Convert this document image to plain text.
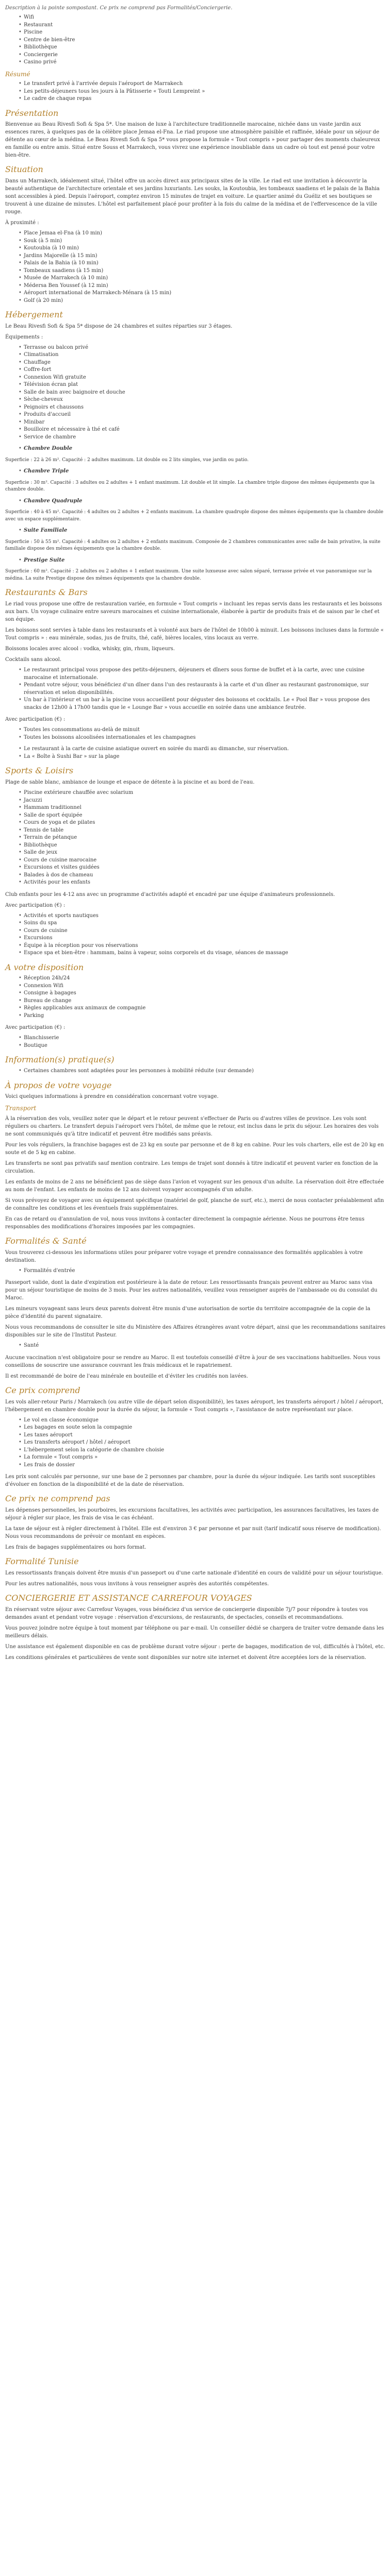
Description à la pointe sompostant. Ce prix ne comprend pas Formalités/Conciergerie.

• Wifi
• Restaurant
• Piscine
• Centre de bien-être
• Bibliothèque
• Conciergerie
• Casino privé
Résumé
• Le transfert privé à l'arrivée depuis l'aéroport de Marrakech
• Les petits-déjeuners tous les jours à la Pâtisserie « Touti Lempreint »
• Le cadre de chaque repas
Présentation

Bienvenue au Beau Rivesfi Sofi & Spa 5*. Une maison de luxe à l'architecture traditionnelle marocaine, nichée dans un vaste jardin aux essences rares, à quelques pas de la célèbre place Jemaa el-Fna. Le riad propose une atmosphère paisible et raffinée, idéale pour un séjour de détente au cœur de la médina. Le Beau Rivesfi Sofi & Spa 5* vous propose la formule « Tout compris » pour partager des moments chaleureux en famille ou entre amis. Situé entre Souss et Marrakech, vous vivrez une expérience inoubliable dans un cadre où tout est pensé pour votre bien-être.

Situation

Dans un Marrakech, idéalement situé, l'hôtel offre un accès direct aux principaux sites de la ville. Le riad est une invitation à découvrir la beauté authentique de l'architecture orientale et ses jardins luxuriants. Les souks, la Koutoubia, les tombeaux saadiens et le palais de la Bahia sont accessibles à pied. Depuis l'aéroport, comptez environ 15 minutes de trajet en voiture. Le quartier animé du Guéliz et ses boutiques se trouvent à une dizaine de minutes. L'hôtel est parfaitement placé pour profiter à la fois du calme de la médina et de l'effervescence de la ville rouge.

À proximité :

• Place Jemaa el-Fna (à 10 min)
• Souk (à 5 min)
• Koutoubia (à 10 min)
• Jardins Majorelle (à 15 min)
• Palais de la Bahia (à 10 min)
• Tombeaux saadiens (à 15 min)
• Musée de Marrakech (à 10 min)
• Médersa Ben Youssef (à 12 min)
• Aéroport international de Marrakech-Ménara (à 15 min)
• Golf (à 20 min)
Hébergement

Le Beau Rivesfi Sofi & Spa 5* dispose de 24 chambres et suites réparties sur 3 étages.

Équipements :

• Terrasse ou balcon privé
• Climatisation
• Chauffage
• Coffre-fort
• Connexion Wifi gratuite
• Télévision écran plat
• Salle de bain avec baignoire et douche
• Sèche-cheveux
• Peignoirs et chaussons
• Produits d'accueil
• Minibar
• Bouilloire et nécessaire à thé et café
• Service de chambre
• Chambre Double

Superficie : 22 à 26 m². Capacité : 2 adultes maximum. Lit double ou 2 lits simples, vue jardin ou patio.

• Chambre Triple

Superficie : 30 m². Capacité : 3 adultes ou 2 adultes + 1 enfant maximum. Lit double et lit simple. La chambre triple dispose des mêmes équipements que la chambre double.

• Chambre Quadruple

Superficie : 40 à 45 m². Capacité : 4 adultes ou 2 adultes + 2 enfants maximum. La chambre quadruple dispose des mêmes équipements que la chambre double avec un espace supplémentaire.

• Suite Familiale

Superficie : 50 à 55 m². Capacité : 4 adultes ou 2 adultes + 2 enfants maximum. Composée de 2 chambres communicantes avec salle de bain privative, la suite familiale dispose des mêmes équipements que la chambre double.

• Prestige Suite

Superficie : 60 m². Capacité : 2 adultes ou 2 adultes + 1 enfant maximum. Une suite luxueuse avec salon séparé, terrasse privée et vue panoramique sur la médina. La suite Prestige dispose des mêmes équipements que la chambre double.

Restaurants & Bars

Le riad vous propose une offre de restauration variée, en formule « Tout compris » incluant les repas servis dans les restaurants et les boissons aux bars. Un voyage culinaire entre saveurs marocaines et cuisine internationale, élaborée à partir de produits frais et de saison par le chef et son équipe.

Les boissons sont servies à table dans les restaurants et à volonté aux bars de l'hôtel de 10h00 à minuit. Les boissons incluses dans la formule « Tout compris » : eau minérale, sodas, jus de fruits, thé, café, bières locales, vins locaux au verre.

Boissons locales avec alcool : vodka, whisky, gin, rhum, liqueurs.

Cocktails sans alcool.

• Le restaurant principal vous propose des petits-déjeuners, déjeuners et dîners sous forme de buffet et à la carte, avec une cuisine marocaine et internationale.
• Pendant votre séjour, vous bénéficiez d'un dîner dans l'un des restaurants à la carte et d'un dîner au restaurant gastronomique, sur réservation et selon disponibilités.
• Un bar à l'intérieur et un bar à la piscine vous accueillent pour déguster des boissons et cocktails. Le « Pool Bar » vous propose des snacks de 12h00 à 17h00 tandis que le « Lounge Bar » vous accueille en soirée dans une ambiance feutrée.

Avec participation (€) :

• Toutes les consommations au-delà de minuit
• Toutes les boissons alcoolisées internationales et les champagnes
• Le restaurant à la carte de cuisine asiatique ouvert en soirée du mardi au dimanche, sur réservation.
• La « Boîte à Sushi Bar » sur la plage
Sports & Loisirs

Plage de sable blanc, ambiance de lounge et espace de détente à la piscine et au bord de l'eau.

• Piscine extérieure chauffée avec solarium
• Jacuzzi
• Hammam traditionnel
• Salle de sport équipée
• Cours de yoga et de pilates
• Tennis de table
• Terrain de pétanque
• Bibliothèque
• Salle de jeux
• Cours de cuisine marocaine
• Excursions et visites guidées
• Balades à dos de chameau
• Activités pour les enfants

Club enfants pour les 4-12 ans avec un programme d'activités adapté et encadré par une équipe d'animateurs professionnels.

Avec participation (€) :

• Activités et sports nautiques
• Soins du spa
• Cours de cuisine
• Excursions
• Équipe à la réception pour vos réservations
• Espace spa et bien-être : hammam, bains à vapeur, soins corporels et du visage, séances de massage
A votre disposition
• Réception 24h/24
• Connexion Wifi
• Consigne à bagages
• Bureau de change
• Règles applicables aux animaux de compagnie
• Parking

Avec participation (€) :

• Blanchisserie
• Boutique
Information(s) pratique(s)
• Certaines chambres sont adaptées pour les personnes à mobilité réduite (sur demande)
À propos de votre voyage

Voici quelques informations à prendre en considération concernant votre voyage.

Transport

À la réservation des vols, veuillez noter que le départ et le retour peuvent s'effectuer de Paris ou d'autres villes de province. Les vols sont réguliers ou charters. Le transfert depuis l'aéroport vers l'hôtel, de même que le retour, est inclus dans le prix du séjour. Les horaires des vols ne sont communiqués qu'à titre indicatif et peuvent être modifiés sans préavis.

Pour les vols réguliers, la franchise bagages est de 23 kg en soute par personne et de 8 kg en cabine. Pour les vols charters, elle est de 20 kg en soute et de 5 kg en cabine.

Les transferts ne sont pas privatifs sauf mention contraire. Les temps de trajet sont donnés à titre indicatif et peuvent varier en fonction de la circulation.

Les enfants de moins de 2 ans ne bénéficient pas de siège dans l'avion et voyagent sur les genoux d'un adulte. La réservation doit être effectuée au nom de l'enfant. Les enfants de moins de 12 ans doivent voyager accompagnés d'un adulte.

Si vous prévoyez de voyager avec un équipement spécifique (matériel de golf, planche de surf, etc.), merci de nous contacter préalablement afin de connaître les conditions et les éventuels frais supplémentaires.

En cas de retard ou d'annulation de vol, nous vous invitons à contacter directement la compagnie aérienne. Nous ne pourrons être tenus responsables des modifications d'horaires imposées par les compagnies.

Formalités & Santé

Vous trouverez ci-dessous les informations utiles pour préparer votre voyage et prendre connaissance des formalités applicables à votre destination.

• Formalités d'entrée

Passeport valide, dont la date d'expiration est postérieure à la date de retour. Les ressortissants français peuvent entrer au Maroc sans visa pour un séjour touristique de moins de 3 mois. Pour les autres nationalités, veuillez vous renseigner auprès de l'ambassade ou du consulat du Maroc.

Les mineurs voyageant sans leurs deux parents doivent être munis d'une autorisation de sortie du territoire accompagnée de la copie de la pièce d'identité du parent signataire.

Nous vous recommandons de consulter le site du Ministère des Affaires étrangères avant votre départ, ainsi que les recommandations sanitaires disponibles sur le site de l'Institut Pasteur.

• Santé

Aucune vaccination n'est obligatoire pour se rendre au Maroc. Il est toutefois conseillé d'être à jour de ses vaccinations habituelles. Nous vous conseillons de souscrire une assurance couvrant les frais médicaux et le rapatriement.

Il est recommandé de boire de l'eau minérale en bouteille et d'éviter les crudités non lavées.

Ce prix comprend

Les vols aller-retour Paris / Marrakech (ou autre ville de départ selon disponibilité), les taxes aéroport, les transferts aéroport / hôtel / aéroport, l'hébergement en chambre double pour la durée du séjour, la formule « Tout compris », l'assistance de notre représentant sur place.

• Le vol en classe économique
• Les bagages en soute selon la compagnie
• Les taxes aéroport
• Les transferts aéroport / hôtel / aéroport
• L'hébergement selon la catégorie de chambre choisie
• La formule « Tout compris »
• Les frais de dossier

Les prix sont calculés par personne, sur une base de 2 personnes par chambre, pour la durée du séjour indiquée. Les tarifs sont susceptibles d'évoluer en fonction de la disponibilité et de la date de réservation.

Ce prix ne comprend pas

Les dépenses personnelles, les pourboires, les excursions facultatives, les activités avec participation, les assurances facultatives, les taxes de séjour à régler sur place, les frais de visa le cas échéant.

La taxe de séjour est à régler directement à l'hôtel. Elle est d'environ 3 € par personne et par nuit (tarif indicatif sous réserve de modification). Nous vous recommandons de prévoir ce montant en espèces.

Les frais de bagages supplémentaires ou hors format.

Formalité Tunisie

Les ressortissants français doivent être munis d'un passeport ou d'une carte nationale d'identité en cours de validité pour un séjour touristique.

Pour les autres nationalités, nous vous invitons à vous renseigner auprès des autorités compétentes.

CONCIERGERIE ET ASSISTANCE CARREFOUR VOYAGES

En réservant votre séjour avec Carrefour Voyages, vous bénéficiez d'un service de conciergerie disponible 7j/7 pour répondre à toutes vos demandes avant et pendant votre voyage : réservation d'excursions, de restaurants, de spectacles, conseils et recommandations.

Vous pouvez joindre notre équipe à tout moment par téléphone ou par e-mail. Un conseiller dédié se chargera de traiter votre demande dans les meilleurs délais.

Une assistance est également disponible en cas de problème durant votre séjour : perte de bagages, modification de vol, difficultés à l'hôtel, etc.

Les conditions générales et particulières de vente sont disponibles sur notre site internet et doivent être acceptées lors de la réservation.
